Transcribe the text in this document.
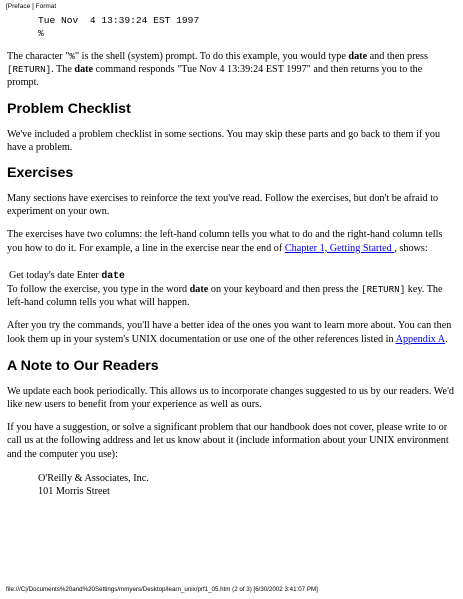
[Preface ] Format
Tue Nov  4 13:39:24 EST 1997
%

The character "%" is the shell (system) prompt. To do this example, you would type date and then press [RETURN]. The date command responds "Tue Nov 4 13:39:24 EST 1997" and then returns you to the prompt.

Problem Checklist

We've included a problem checklist in some sections. You may skip these parts and go back to them if you have a problem.

Exercises

Many sections have exercises to reinforce the text you've read. Follow the exercises, but don't be afraid to experiment on your own.

The exercises have two columns: the left-hand column tells you what to do and the right-hand column tells you how to do it. For example, a line in the exercise near the end of Chapter 1, Getting Started , shows:

Get today's date Enter date

To follow the exercise, you type in the word date on your keyboard and then press the [RETURN] key. The left-hand column tells you what will happen.

After you try the commands, you'll have a better idea of the ones you want to learn more about. You can then look them up in your system's UNIX documentation or use one of the other references listed in Appendix A.

A Note to Our Readers

We update each book periodically. This allows us to incorporate changes suggested to us by our readers. We'd like new users to benefit from your experience as well as ours.

If you have a suggestion, or solve a significant problem that our handbook does not cover, please write to or call us at the following address and let us know about it (include information about your UNIX environment and the computer you use):

O'Reilly & Associates, Inc.
101 Morris Street
file:///C|/Documents%20and%20Settings/mmyers/Desktop/learn_unix/prf1_05.htm (2 of 3) [6/30/2002 3:41:07 PM]
